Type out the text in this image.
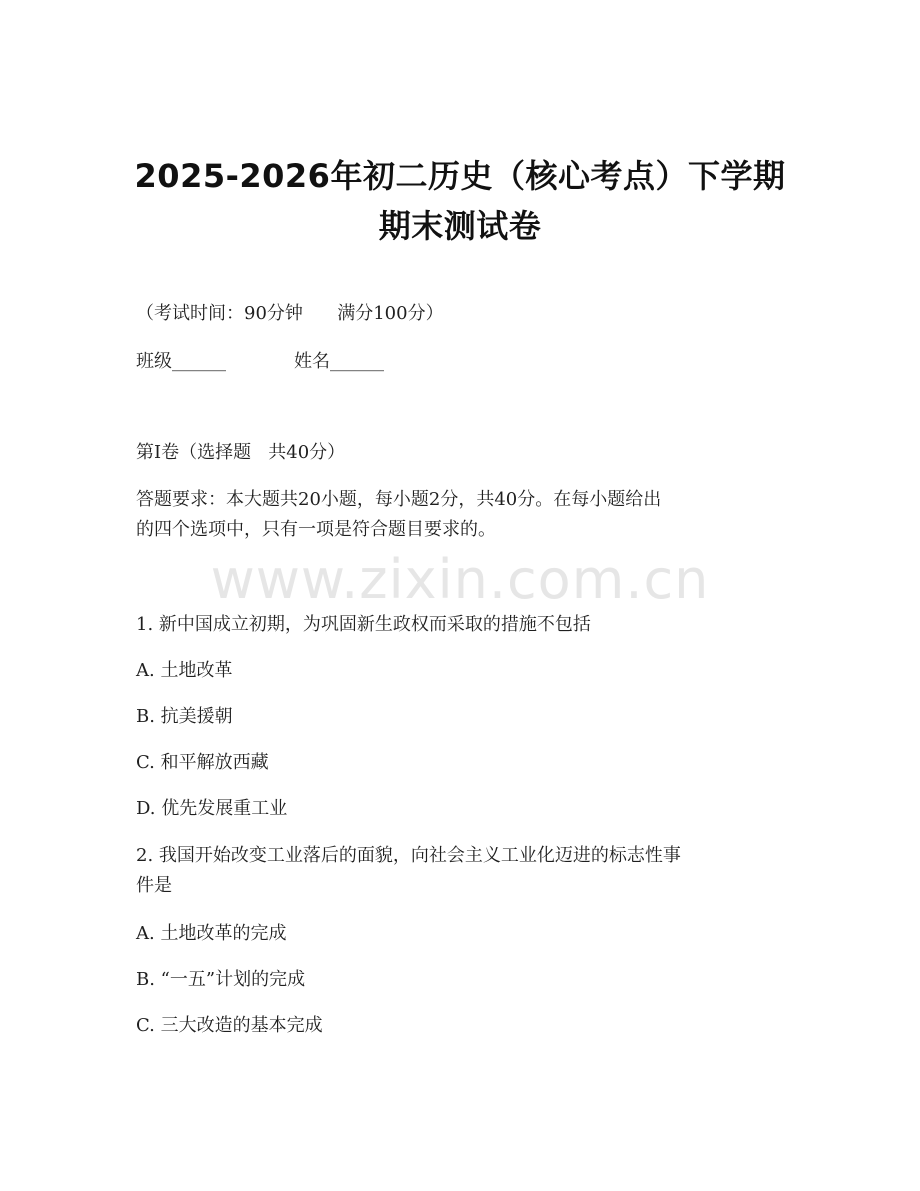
2025-2026年初二历史（核心考点）下学期
期末测试卷
（考试时间：90分钟      满分100分）
班级______	姓名______
第I卷（选择题   共40分）
答题要求：本大题共20小题，每小题2分，共40分。在每小题给出
的四个选项中，只有一项是符合题目要求的。
www.zixin.com.cn
1. 新中国成立初期，为巩固新生政权而采取的措施不包括
A. 土地改革
B. 抗美援朝
C. 和平解放西藏
D. 优先发展重工业
2. 我国开始改变工业落后的面貌，向社会主义工业化迈进的标志性事
件是
A. 土地改革的完成
B. “一五”计划的完成
C. 三大改造的基本完成
